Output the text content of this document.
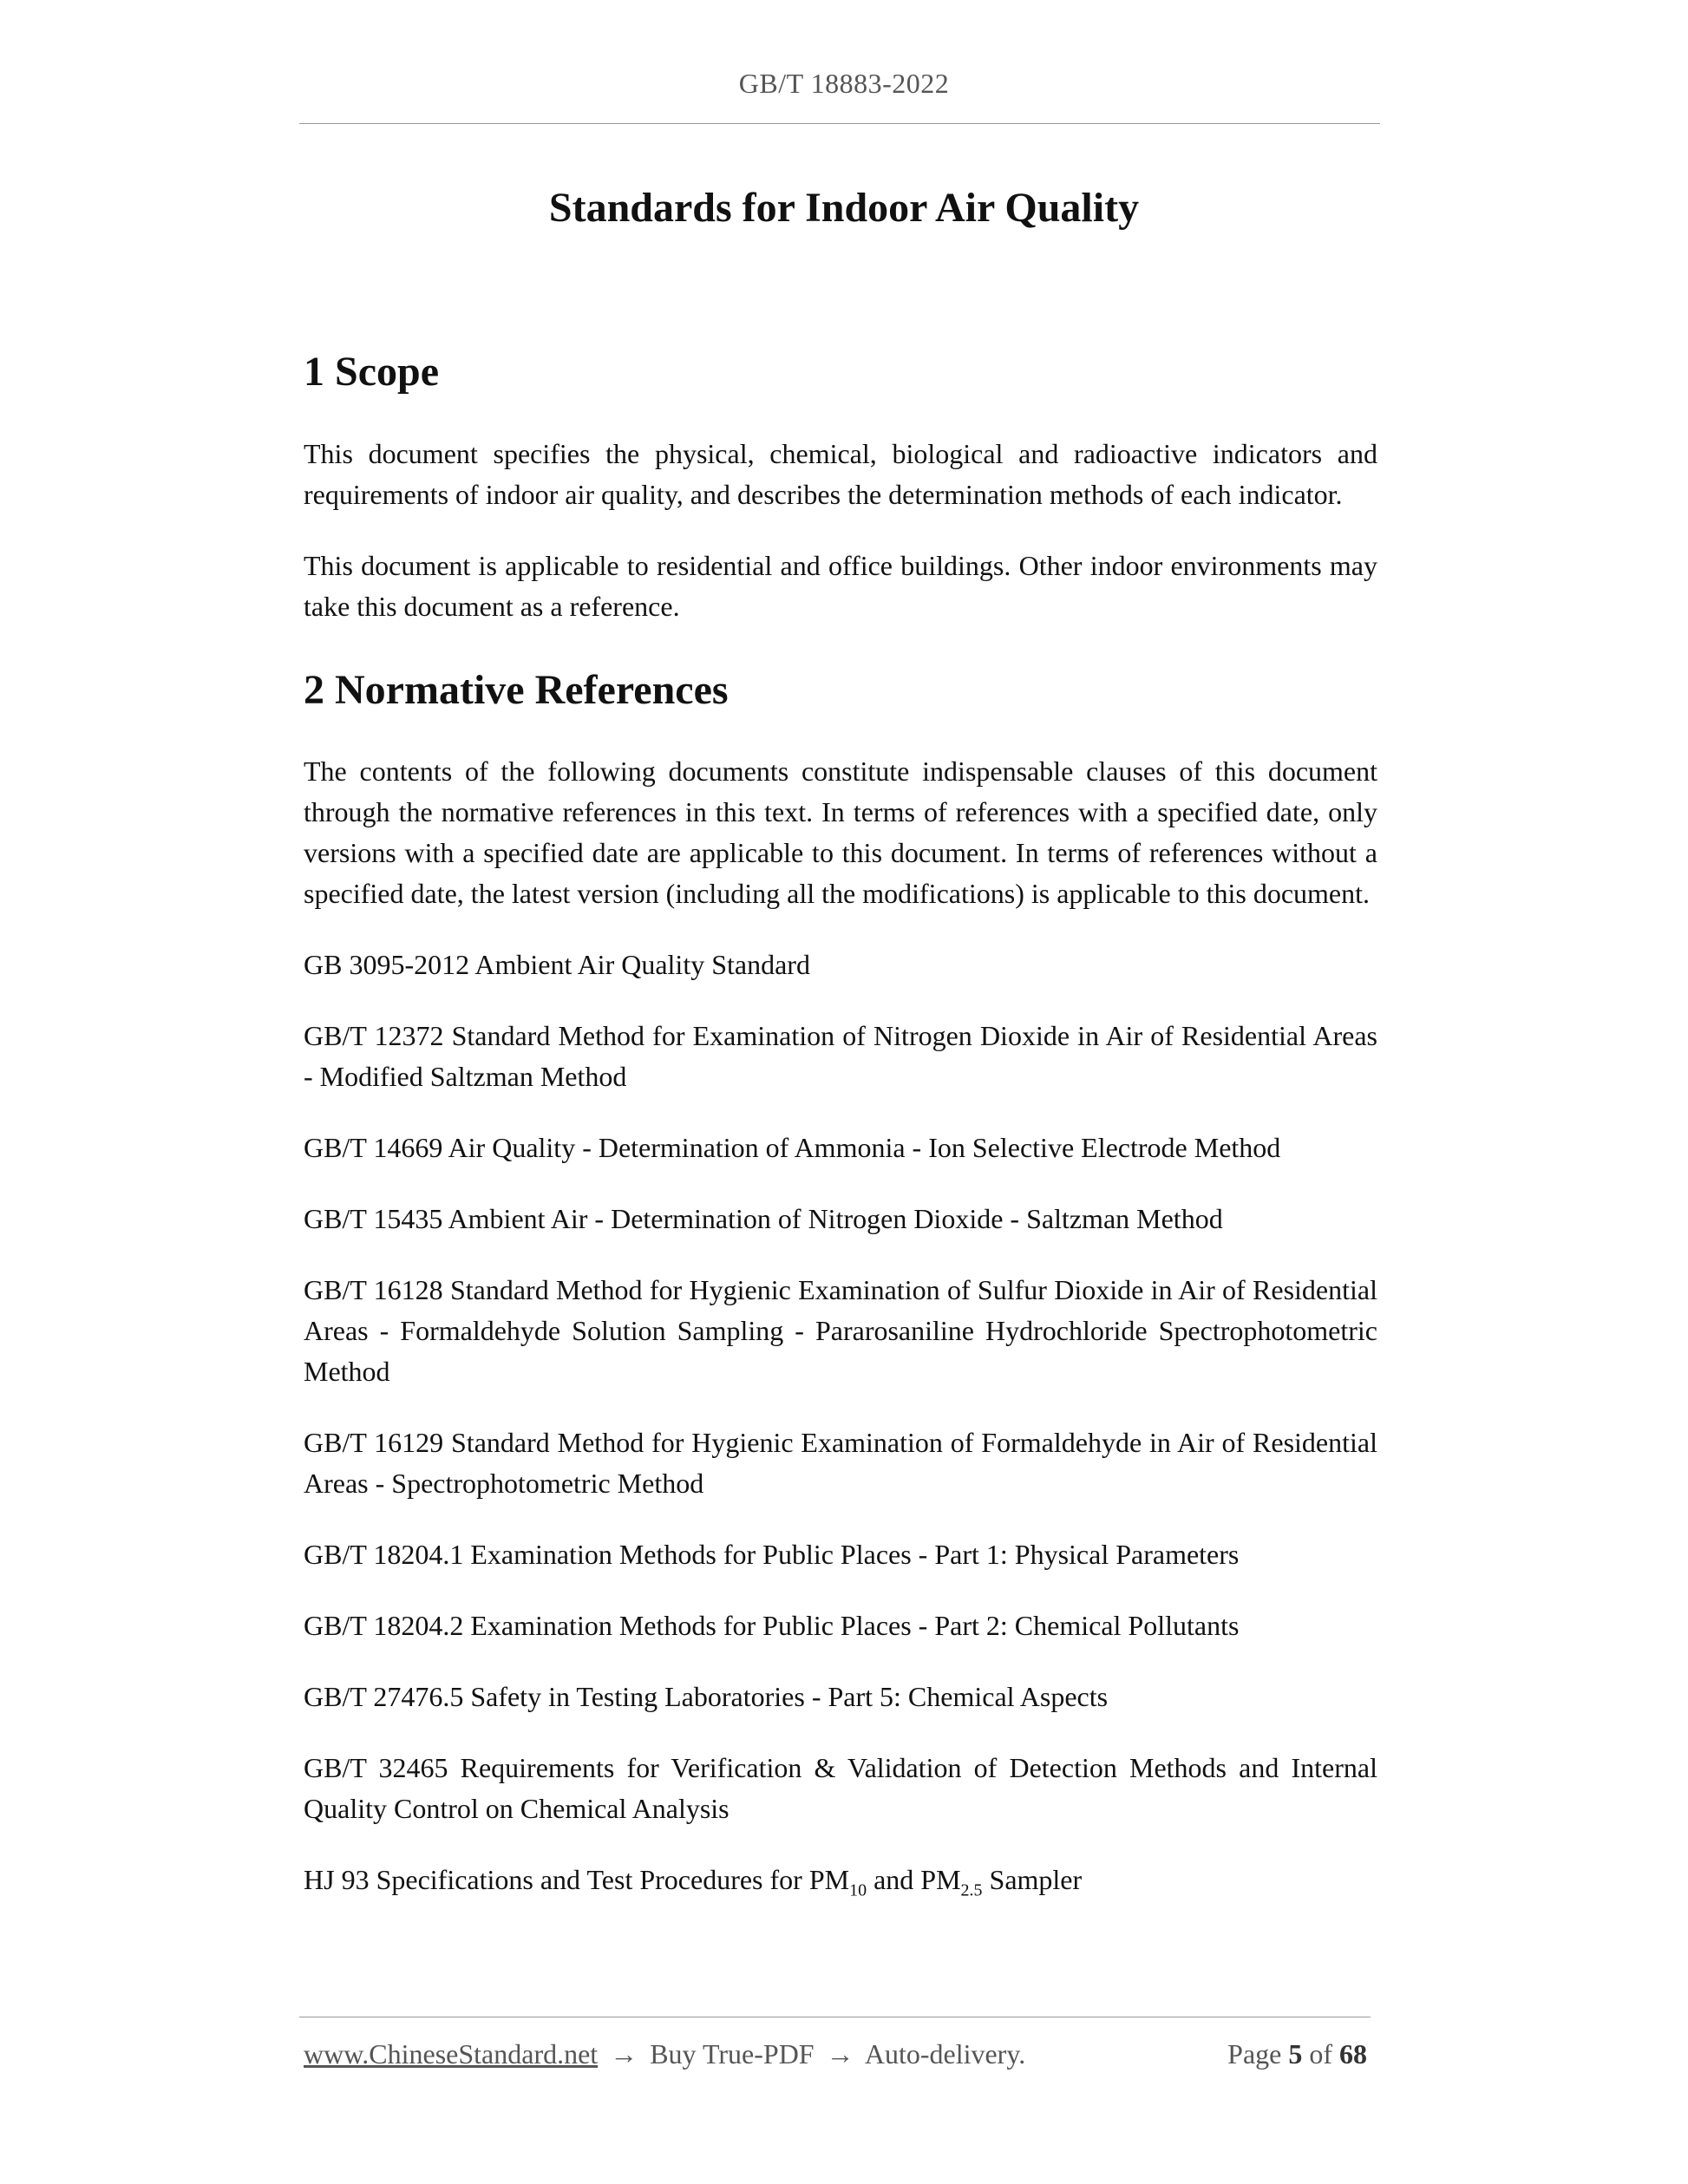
GB/T 18883-2022
Standards for Indoor Air Quality
1 Scope

This document specifies the physical, chemical, biological and radioactive indicators and requirements of indoor air quality, and describes the determination methods of each indicator.

This document is applicable to residential and office buildings. Other indoor environments may take this document as a reference.

2 Normative References

The contents of the following documents constitute indispensable clauses of this document through the normative references in this text. In terms of references with a specified date, only versions with a specified date are applicable to this document. In terms of references without a specified date, the latest version (including all the modifications) is applicable to this document.

GB 3095-2012 Ambient Air Quality Standard
GB/T 12372 Standard Method for Examination of Nitrogen Dioxide in Air of Residential Areas - Modified Saltzman Method
GB/T 14669 Air Quality - Determination of Ammonia - Ion Selective Electrode Method
GB/T 15435 Ambient Air - Determination of Nitrogen Dioxide - Saltzman Method
GB/T 16128 Standard Method for Hygienic Examination of Sulfur Dioxide in Air of Residential Areas - Formaldehyde Solution Sampling - Pararosaniline Hydrochloride Spectrophotometric Method
GB/T 16129 Standard Method for Hygienic Examination of Formaldehyde in Air of Residential Areas - Spectrophotometric Method
GB/T 18204.1 Examination Methods for Public Places - Part 1: Physical Parameters
GB/T 18204.2 Examination Methods for Public Places - Part 2: Chemical Pollutants
GB/T 27476.5 Safety in Testing Laboratories - Part 5: Chemical Aspects
GB/T 32465 Requirements for Verification & Validation of Detection Methods and Internal Quality Control on Chemical Analysis
HJ 93 Specifications and Test Procedures for $PM_{10}$ and $PM_{2.5}$ Sampler
www.ChineseStandard.net → Buy True-PDF → Auto-delivery.	Page 5 of 68
